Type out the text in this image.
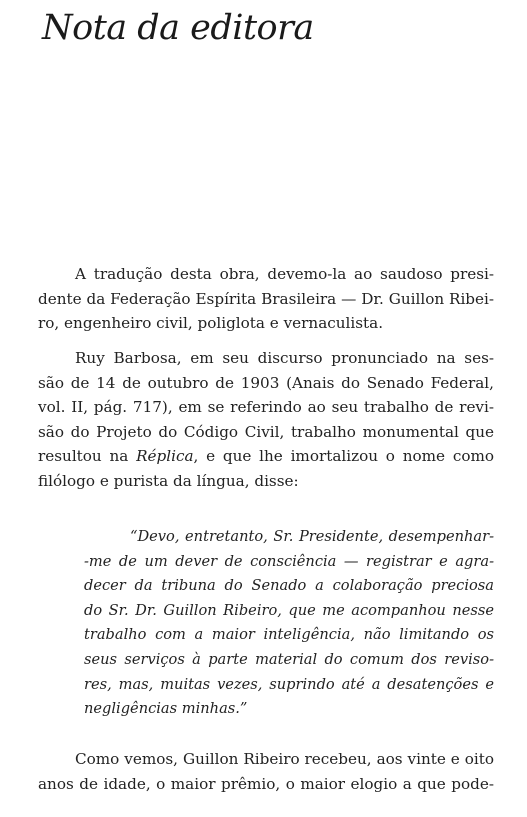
Nota da editora
A tradução desta obra, devemo-la ao saudoso presi-
dente da Federação Espírita Brasileira — Dr. Guillon Ribei-
ro, engenheiro civil, poliglota e vernaculista.
Ruy Barbosa, em seu discurso pronunciado na ses-
são de 14 de outubro de 1903 (Anais do Senado Federal,
vol. II, pág. 717), em se referindo ao seu trabalho de revi-
são do Projeto do Código Civil, trabalho monumental que
resultou na Réplica, e que lhe imortalizou o nome como
filólogo e purista da língua, disse:
“Devo, entretanto, Sr. Presidente, desempenhar-
-me de um dever de consciência — registrar e agra-
decer da tribuna do Senado a colaboração preciosa
do Sr. Dr. Guillon Ribeiro, que me acompanhou nesse
trabalho com a maior inteligência, não limitando os
seus serviços à parte material do comum dos reviso-
res, mas, muitas vezes, suprindo até a desatenções e
negligências minhas.”
Como vemos, Guillon Ribeiro recebeu, aos vinte e oito
anos de idade, o maior prêmio, o maior elogio a que pode-
